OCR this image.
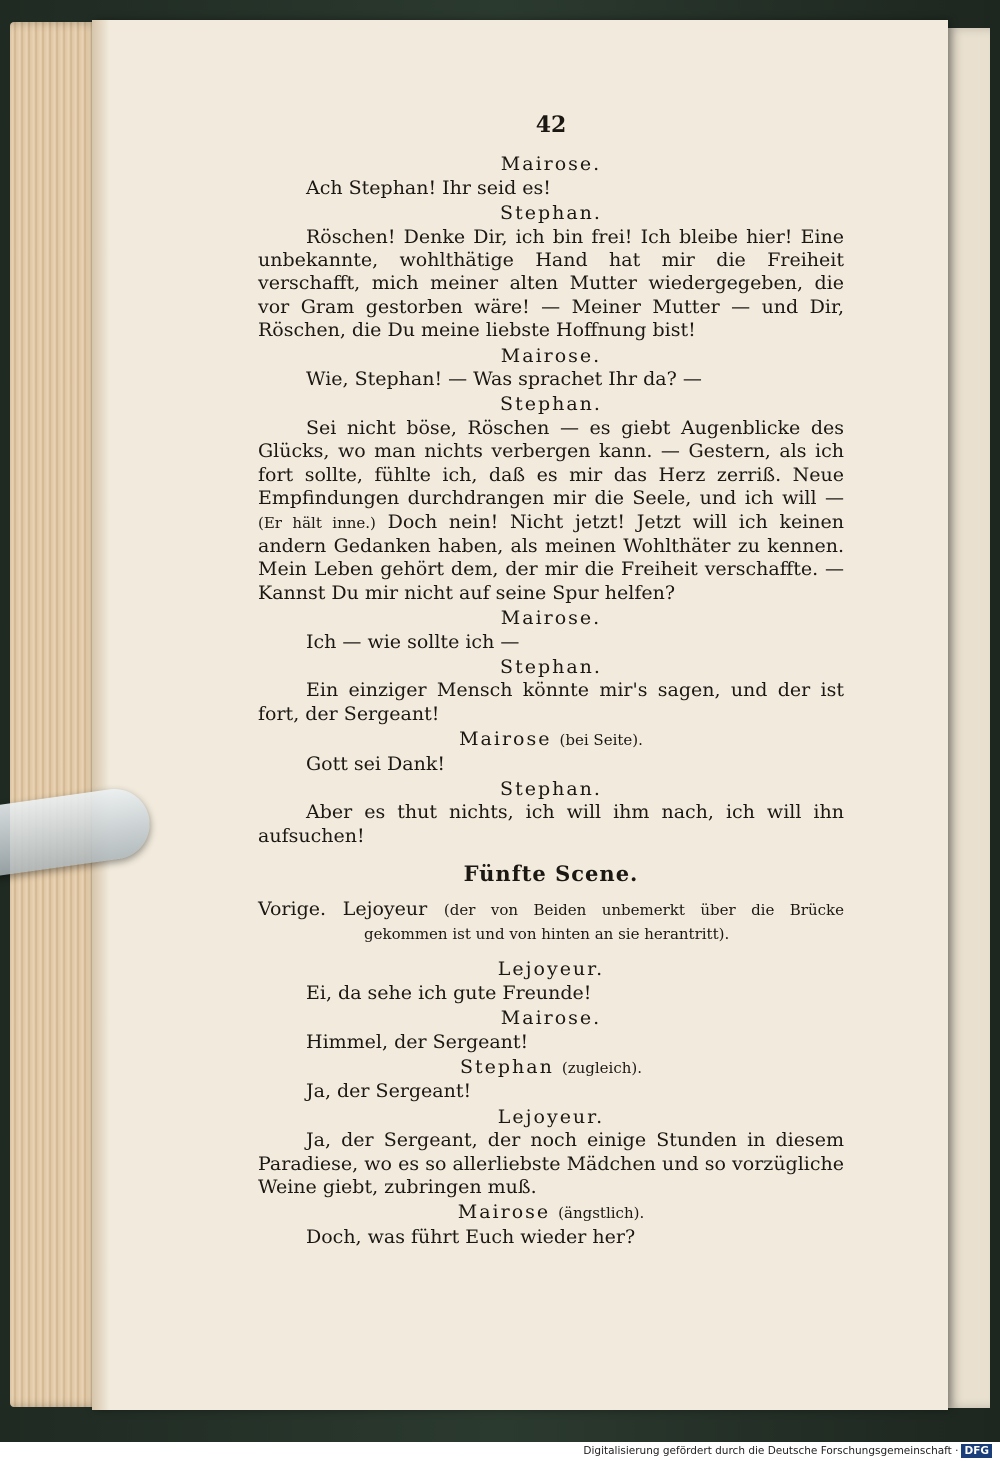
42

Mairose.

Ach Stephan! Ihr seid es!

Stephan.

Röschen! Denke Dir, ich bin frei! Ich bleibe hier! Eine unbekannte, wohlthätige Hand hat mir die Freiheit verschafft, mich meiner alten Mutter wiedergegeben, die vor Gram gestorben wäre! — Meiner Mutter — und Dir, Röschen, die Du meine liebste Hoffnung bist!

Mairose.

Wie, Stephan! — Was sprachet Ihr da? —

Stephan.

Sei nicht böse, Röschen — es giebt Augenblicke des Glücks, wo man nichts verbergen kann. — Gestern, als ich fort sollte, fühlte ich, daß es mir das Herz zerriß. Neue Empfindungen durchdrangen mir die Seele, und ich will — (Er hält inne.) Doch nein! Nicht jetzt! Jetzt will ich keinen andern Gedanken haben, als meinen Wohlthäter zu kennen. Mein Leben gehört dem, der mir die Freiheit verschaffte. — Kannst Du mir nicht auf seine Spur helfen?

Mairose.

Ich — wie sollte ich —

Stephan.

Ein einziger Mensch könnte mir's sagen, und der ist fort, der Sergeant!

Mairose (bei Seite).

Gott sei Dank!

Stephan.

Aber es thut nichts, ich will ihm nach, ich will ihn aufsuchen!

Fünfte Scene.

Vorige. Lejoyeur (der von Beiden unbemerkt über die Brücke gekommen ist und von hinten an sie herantritt).

Lejoyeur.

Ei, da sehe ich gute Freunde!

Mairose.

Himmel, der Sergeant!

Stephan (zugleich).

Ja, der Sergeant!

Lejoyeur.

Ja, der Sergeant, der noch einige Stunden in diesem Paradiese, wo es so allerliebste Mädchen und so vorzügliche Weine giebt, zubringen muß.

Mairose (ängstlich).

Doch, was führt Euch wieder her?

Digitalisierung gefördert durch die Deutsche Forschungsgemeinschaft · DFG
